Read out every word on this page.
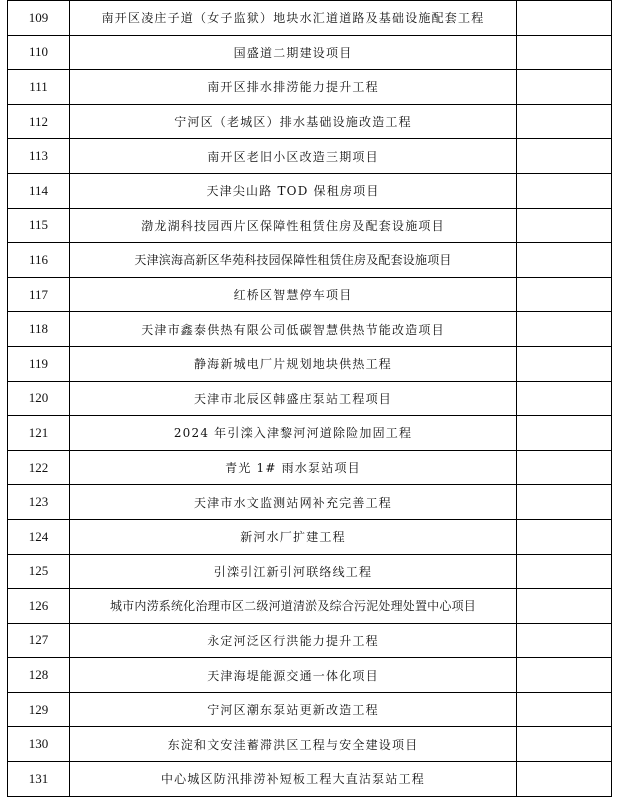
109	南开区凌庄子道（女子监狱）地块水汇道道路及基础设施配套工程	
110	国盛道二期建设项目	
111	南开区排水排涝能力提升工程	
112	宁河区（老城区）排水基础设施改造工程	
113	南开区老旧小区改造三期项目	
114	天津尖山路 TOD 保租房项目	
115	渤龙湖科技园西片区保障性租赁住房及配套设施项目	
116	天津滨海高新区华苑科技园保障性租赁住房及配套设施项目	
117	红桥区智慧停车项目	
118	天津市鑫泰供热有限公司低碳智慧供热节能改造项目	
119	静海新城电厂片规划地块供热工程	
120	天津市北辰区韩盛庄泵站工程项目	
121	2024 年引滦入津黎河河道除险加固工程	
122	青光 1# 雨水泵站项目	
123	天津市水文监测站网补充完善工程	
124	新河水厂扩建工程	
125	引滦引江新引河联络线工程	
126	城市内涝系统化治理市区二级河道清淤及综合污泥处理处置中心项目	
127	永定河泛区行洪能力提升工程	
128	天津海堤能源交通一体化项目	
129	宁河区潮东泵站更新改造工程	
130	东淀和文安洼蓄滞洪区工程与安全建设项目	
131	中心城区防汛排涝补短板工程大直沽泵站工程	
